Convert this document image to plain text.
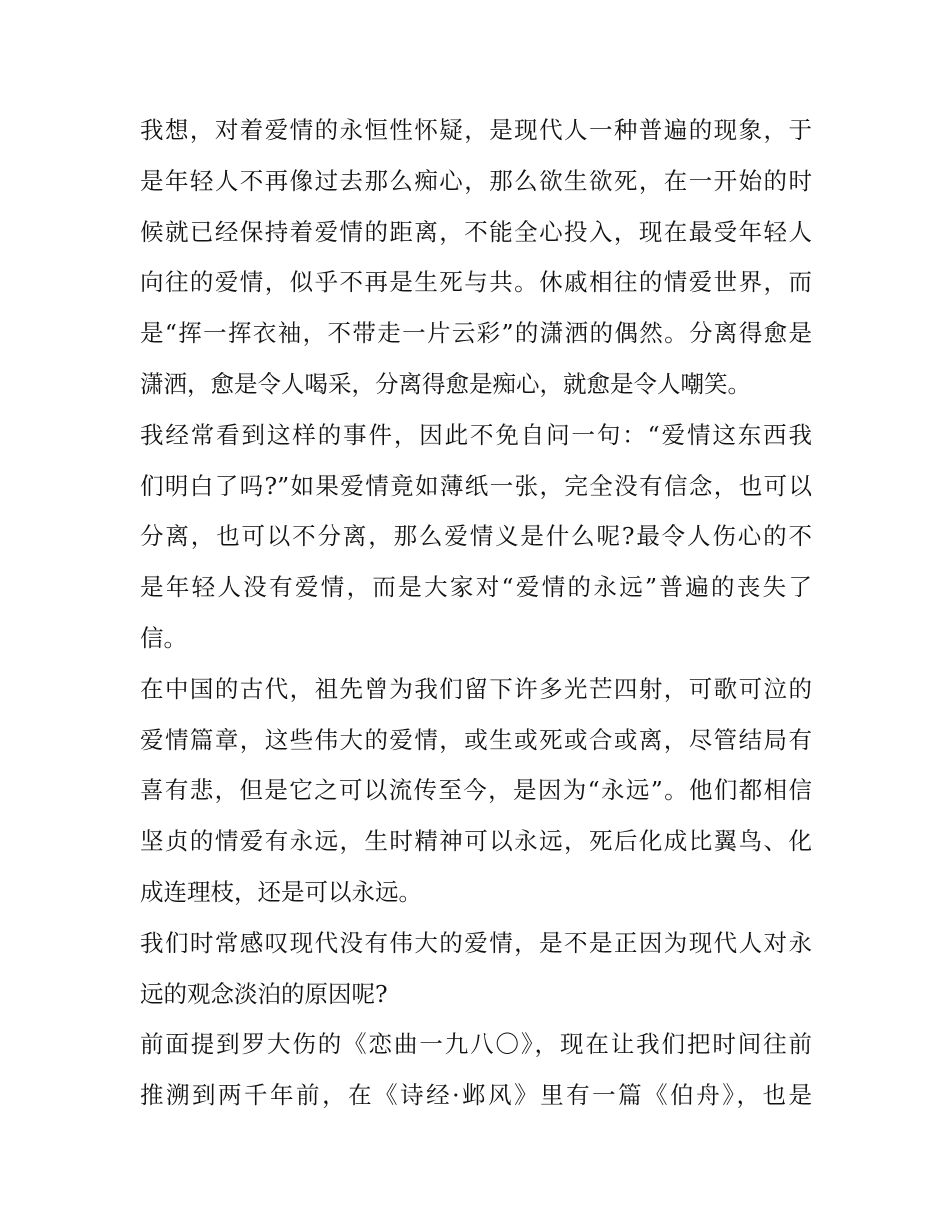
我想，对着爱情的永恒性怀疑，是现代人一种普遍的现象，于
是年轻人不再像过去那么痴心，那么欲生欲死，在一开始的时
候就已经保持着爱情的距离，不能全心投入，现在最受年轻人
向往的爱情，似乎不再是生死与共。休戚相往的情爱世界，而
是“挥一挥衣袖，不带走一片云彩”的潇洒的偶然。分离得愈是
潇洒，愈是令人喝采，分离得愈是痴心，就愈是令人嘲笑。
我经常看到这样的事件，因此不免自问一句：“爱情这东西我
们明白了吗?”如果爱情竟如薄纸一张，完全没有信念，也可以
分离，也可以不分离，那么爱情义是什么呢?最令人伤心的不
是年轻人没有爱情，而是大家对“爱情的永远”普遍的丧失了
信。
在中国的古代，祖先曾为我们留下许多光芒四射，可歌可泣的
爱情篇章，这些伟大的爱情，或生或死或合或离，尽管结局有
喜有悲，但是它之可以流传至今，是因为“永远”。他们都相信
坚贞的情爱有永远，生时精神可以永远，死后化成比翼鸟、化
成连理枝，还是可以永远。
我们时常感叹现代没有伟大的爱情，是不是正因为现代人对永
远的观念淡泊的原因呢?
前面提到罗大伤的《恋曲一九八〇》，现在让我们把时间往前
推溯到两千年前，在《诗经·邺风》里有一篇《伯舟》，也是
